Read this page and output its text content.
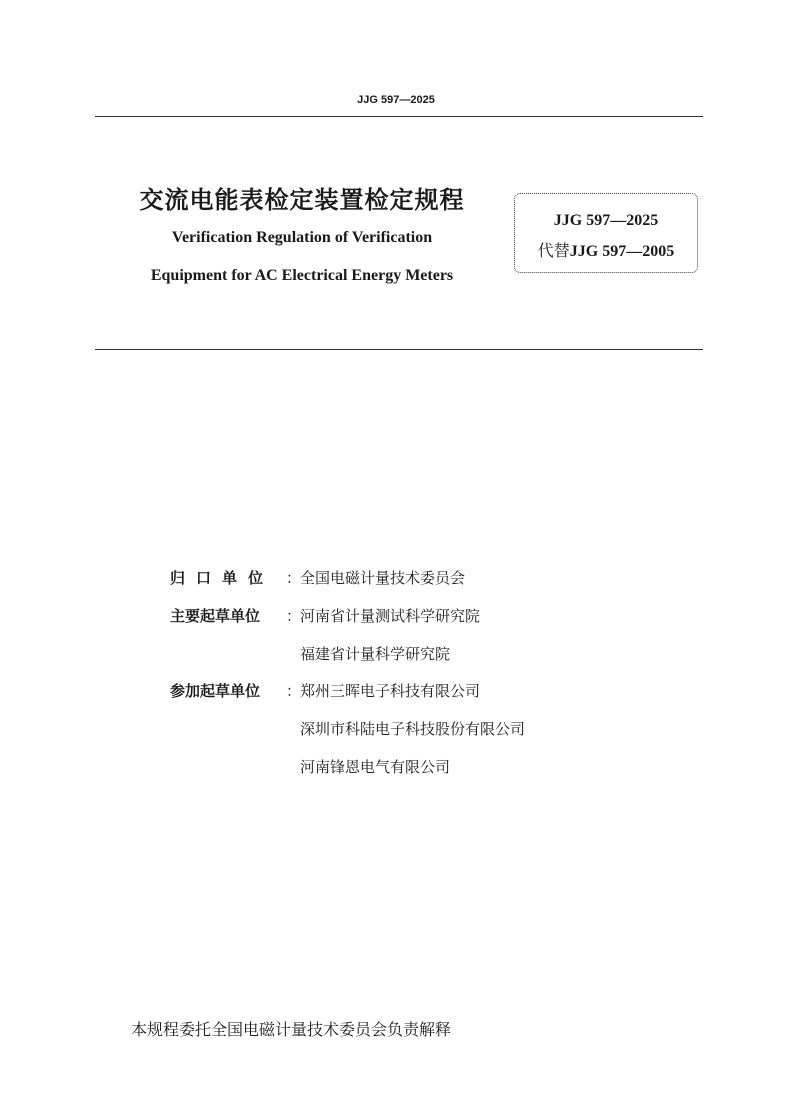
JJG 597—2025
交流电能表检定装置检定规程
Verification Regulation of Verification
Equipment for AC Electrical Energy Meters
JJG 597—2025
代替JJG 597—2005
归口单位 ：
全国电磁计量技术委员会
主要起草单位	：
河南省计量测试科学研究院
福建省计量科学研究院
参加起草单位	：
郑州三晖电子科技有限公司
深圳市科陆电子科技股份有限公司
河南锋恩电气有限公司
本规程委托全国电磁计量技术委员会负责解释
